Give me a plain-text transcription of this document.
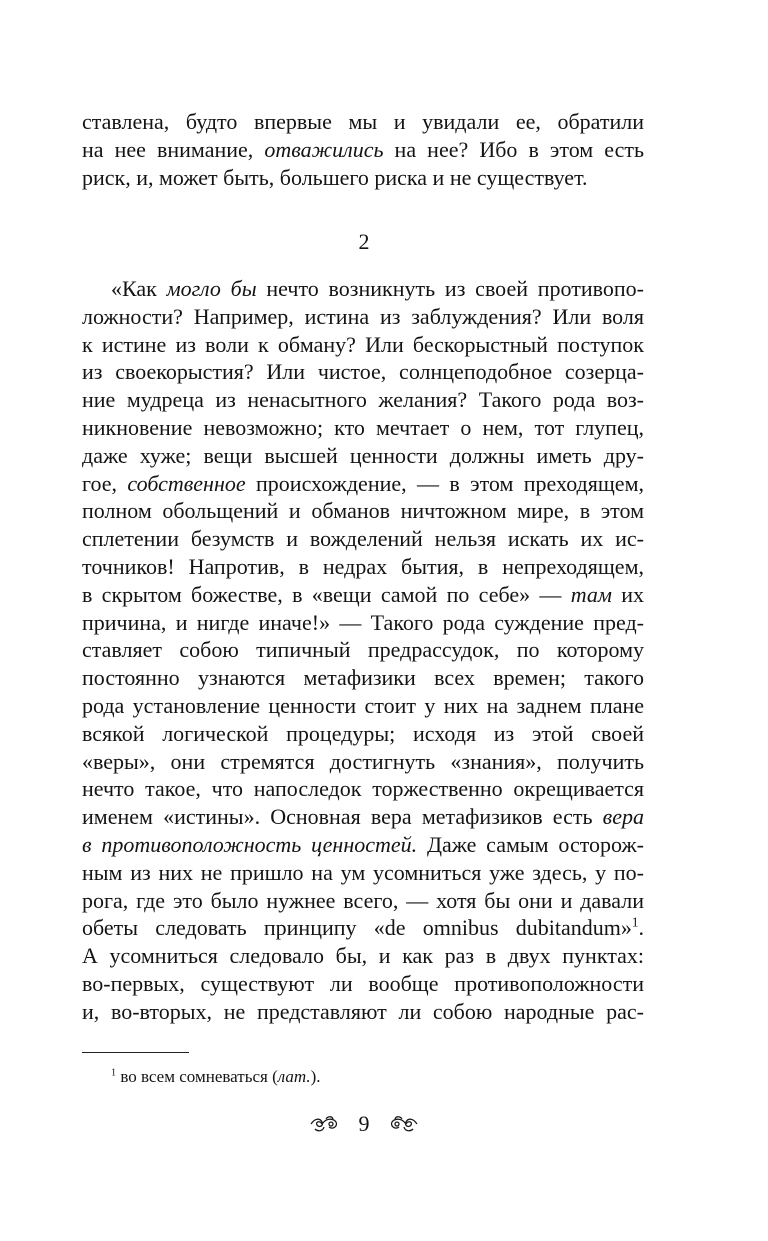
ставлена, будто впервые мы и увидали ее, обратили
на нее внимание, отважились на нее? Ибо в этом есть
риск, и, может быть, большего риска и не существует.
2
«Как могло бы нечто возникнуть из своей противопо-
ложности? Например, истина из заблуждения? Или воля
к истине из воли к обману? Или бескорыстный поступок
из своекорыстия? Или чистое, солнцеподобное созерца-
ние мудреца из ненасытного желания? Такого рода воз-
никновение невозможно; кто мечтает о нем, тот глупец,
даже хуже; вещи высшей ценности должны иметь дру-
гое, собственное происхождение, — в этом преходящем,
полном обольщений и обманов ничтожном мире, в этом
сплетении безумств и вожделений нельзя искать их ис-
точников! Напротив, в недрах бытия, в непреходящем,
в скрытом божестве, в «вещи самой по себе» — там их
причина, и нигде иначе!» — Такого рода суждение пред-
ставляет собою типичный предрассудок, по которому
постоянно узнаются метафизики всех времен; такого
рода установление ценности стоит у них на заднем плане
всякой логической процедуры; исходя из этой своей
«веры», они стремятся достигнуть «знания», получить
нечто такое, что напоследок торжественно окрещивается
именем «истины». Основная вера метафизиков есть вера
в противоположность ценностей. Даже самым осторож-
ным из них не пришло на ум усомниться уже здесь, у по-
рога, где это было нужнее всего, — хотя бы они и давали
обеты следовать принципу «de omnibus dubitandum»$^1$.
А усомниться следовало бы, и как раз в двух пунктах:
во-первых, существуют ли вообще противоположности
и, во-вторых, не представляют ли собою народные рас-
$^1$ во всем сомневаться (лат.).
9
